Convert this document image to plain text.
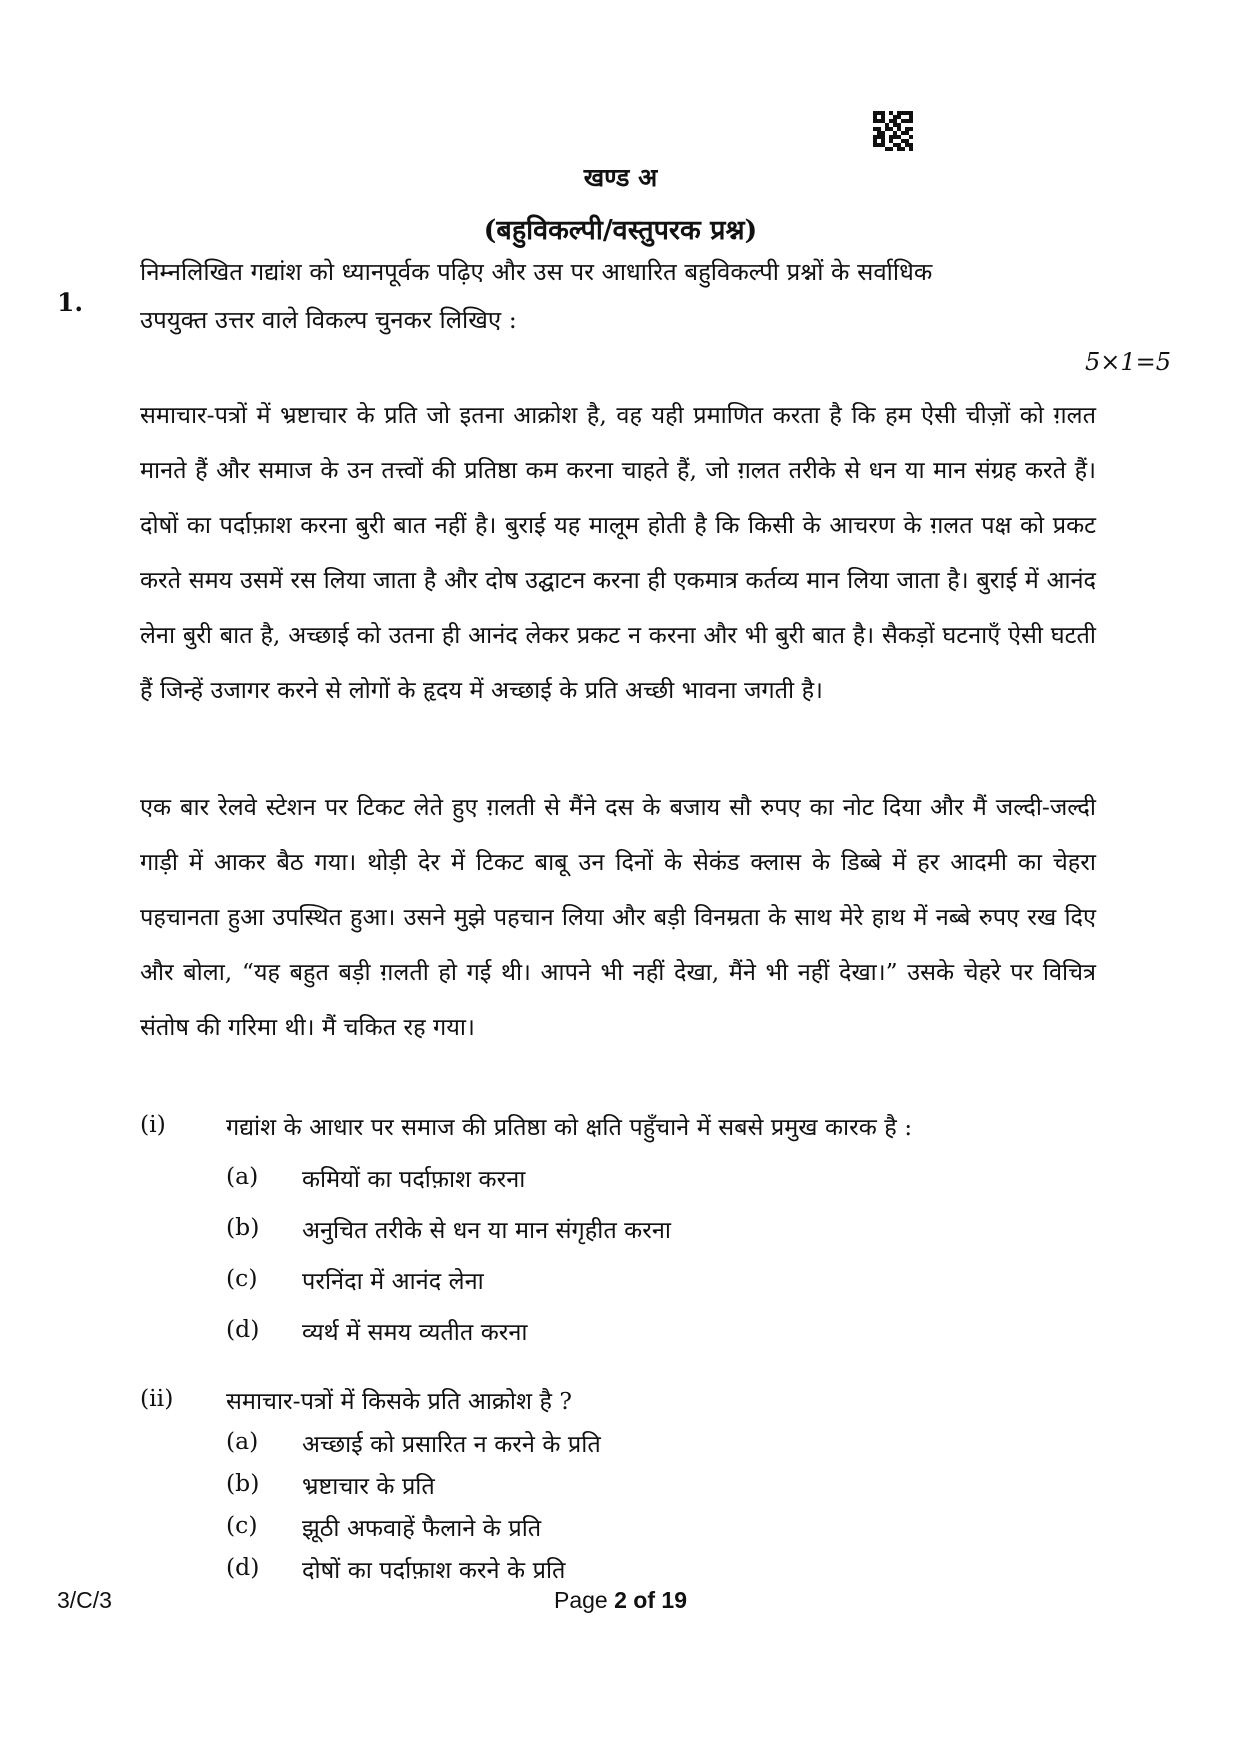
खण्ड अ
(बहुविकल्पी/वस्तुपरक प्रश्न)
1.
निम्नलिखित गद्यांश को ध्यानपूर्वक पढ़िए और उस पर आधारित बहुविकल्पी प्रश्नों के सर्वाधिक
उपयुक्त उत्तर वाले विकल्प चुनकर लिखिए :
5×1=5

समाचार-पत्रों में भ्रष्टाचार के प्रति जो इतना आक्रोश है, वह यही प्रमाणित करता है कि हम ऐसी चीज़ों को ग़लत मानते हैं और समाज के उन तत्त्वों की प्रतिष्ठा कम करना चाहते हैं, जो ग़लत तरीके से धन या मान संग्रह करते हैं। दोषों का पर्दाफ़ाश करना बुरी बात नहीं है। बुराई यह मालूम होती है कि किसी के आचरण के ग़लत पक्ष को प्रकट करते समय उसमें रस लिया जाता है और दोष उद्घाटन करना ही एकमात्र कर्तव्य मान लिया जाता है। बुराई में आनंद लेना बुरी बात है, अच्छाई को उतना ही आनंद लेकर प्रकट न करना और भी बुरी बात है। सैकड़ों घटनाएँ ऐसी घटती हैं जिन्हें उजागर करने से लोगों के हृदय में अच्छाई के प्रति अच्छी भावना जगती है।

एक बार रेलवे स्टेशन पर टिकट लेते हुए ग़लती से मैंने दस के बजाय सौ रुपए का नोट दिया और मैं जल्दी-जल्दी गाड़ी में आकर बैठ गया। थोड़ी देर में टिकट बाबू उन दिनों के सेकंड क्लास के डिब्बे में हर आदमी का चेहरा पहचानता हुआ उपस्थित हुआ। उसने मुझे पहचान लिया और बड़ी विनम्रता के साथ मेरे हाथ में नब्बे रुपए रख दिए और बोला, “यह बहुत बड़ी ग़लती हो गई थी। आपने भी नहीं देखा, मैंने भी नहीं देखा।” उसके चेहरे पर विचित्र संतोष की गरिमा थी। मैं चकित रह गया।

(i)	गद्यांश के आधार पर समाज की प्रतिष्ठा को क्षति पहुँचाने में सबसे प्रमुख कारक है :
(a)	कमियों का पर्दाफ़ाश करना
(b)	अनुचित तरीके से धन या मान संगृहीत करना
(c)	परनिंदा में आनंद लेना
(d)	व्यर्थ में समय व्यतीत करना
(ii)	समाचार-पत्रों में किसके प्रति आक्रोश है ?
(a)	अच्छाई को प्रसारित न करने के प्रति
(b)	भ्रष्टाचार के प्रति
(c)	झूठी अफवाहें फैलाने के प्रति
(d)	दोषों का पर्दाफ़ाश करने के प्रति
3/C/3	Page 2 of 19
